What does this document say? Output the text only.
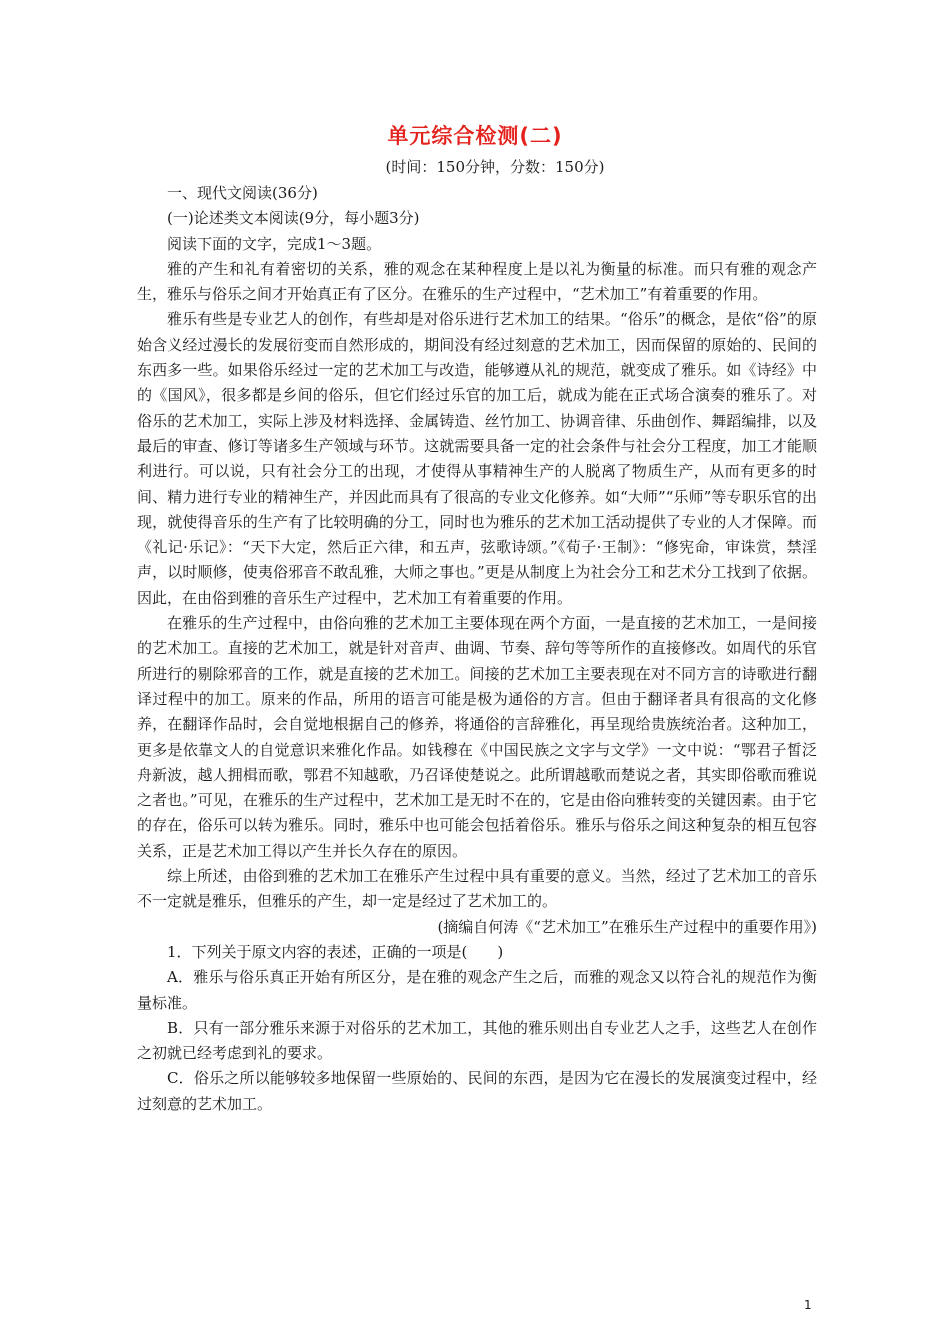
单元综合检测(二)
(时间：150分钟，分数：150分)

一、现代文阅读(36分)

(一)论述类文本阅读(9分，每小题3分)

阅读下面的文字，完成1～3题。

雅的产生和礼有着密切的关系，雅的观念在某种程度上是以礼为衡量的标准。而只有雅的观念产生，雅乐与俗乐之间才开始真正有了区分。在雅乐的生产过程中，“艺术加工”有着重要的作用。

雅乐有些是专业艺人的创作，有些却是对俗乐进行艺术加工的结果。“俗乐”的概念，是依“俗”的原始含义经过漫长的发展衍变而自然形成的，期间没有经过刻意的艺术加工，因而保留的原始的、民间的东西多一些。如果俗乐经过一定的艺术加工与改造，能够遵从礼的规范，就变成了雅乐。如《诗经》中的《国风》，很多都是乡间的俗乐，但它们经过乐官的加工后，就成为能在正式场合演奏的雅乐了。对俗乐的艺术加工，实际上涉及材料选择、金属铸造、丝竹加工、协调音律、乐曲创作、舞蹈编排，以及最后的审查、修订等诸多生产领域与环节。这就需要具备一定的社会条件与社会分工程度，加工才能顺利进行。可以说，只有社会分工的出现，才使得从事精神生产的人脱离了物质生产，从而有更多的时间、精力进行专业的精神生产，并因此而具有了很高的专业文化修养。如“大师”“乐师”等专职乐官的出现，就使得音乐的生产有了比较明确的分工，同时也为雅乐的艺术加工活动提供了专业的人才保障。而《礼记·乐记》：“天下大定，然后正六律，和五声，弦歌诗颂。”《荀子·王制》：“修宪命，审诛赏，禁淫声，以时顺修，使夷俗邪音不敢乱雅，大师之事也。”更是从制度上为社会分工和艺术分工找到了依据。因此，在由俗到雅的音乐生产过程中，艺术加工有着重要的作用。

在雅乐的生产过程中，由俗向雅的艺术加工主要体现在两个方面，一是直接的艺术加工，一是间接的艺术加工。直接的艺术加工，就是针对音声、曲调、节奏、辞句等等所作的直接修改。如周代的乐官所进行的剔除邪音的工作，就是直接的艺术加工。间接的艺术加工主要表现在对不同方言的诗歌进行翻译过程中的加工。原来的作品，所用的语言可能是极为通俗的方言。但由于翻译者具有很高的文化修养，在翻译作品时，会自觉地根据自己的修养，将通俗的言辞雅化，再呈现给贵族统治者。这种加工，更多是依靠文人的自觉意识来雅化作品。如钱穆在《中国民族之文字与文学》一文中说：“鄂君子皙泛舟新波，越人拥楫而歌，鄂君不知越歌，乃召译使楚说之。此所谓越歌而楚说之者，其实即俗歌而雅说之者也。”可见，在雅乐的生产过程中，艺术加工是无时不在的，它是由俗向雅转变的关键因素。由于它的存在，俗乐可以转为雅乐。同时，雅乐中也可能会包括着俗乐。雅乐与俗乐之间这种复杂的相互包容关系，正是艺术加工得以产生并长久存在的原因。

综上所述，由俗到雅的艺术加工在雅乐产生过程中具有重要的意义。当然，经过了艺术加工的音乐不一定就是雅乐，但雅乐的产生，却一定是经过了艺术加工的。

(摘编自何涛《“艺术加工”在雅乐生产过程中的重要作用》)

1．下列关于原文内容的表述，正确的一项是(　　)

A．雅乐与俗乐真正开始有所区分，是在雅的观念产生之后，而雅的观念又以符合礼的规范作为衡量标准。

B．只有一部分雅乐来源于对俗乐的艺术加工，其他的雅乐则出自专业艺人之手，这些艺人在创作之初就已经考虑到礼的要求。

C．俗乐之所以能够较多地保留一些原始的、民间的东西，是因为它在漫长的发展演变过程中，经过刻意的艺术加工。

1
